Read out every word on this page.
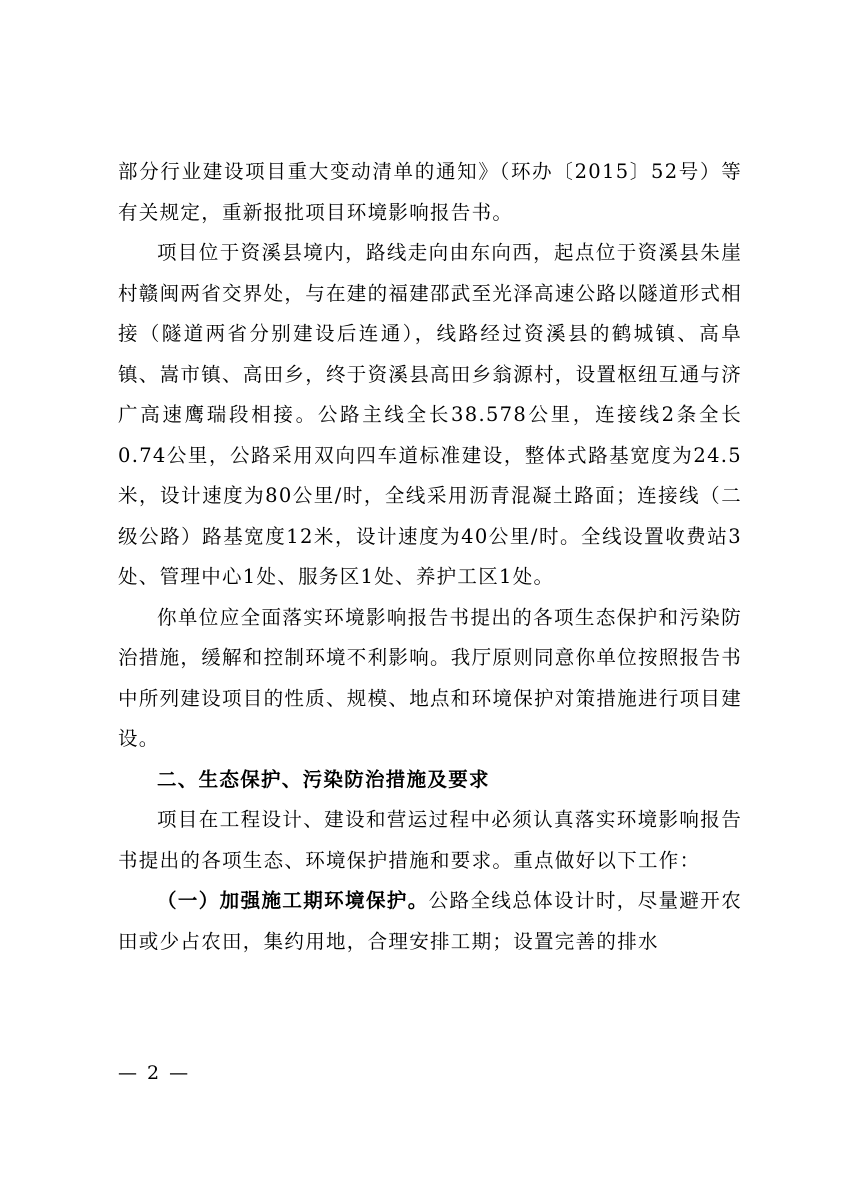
部分行业建设项目重大变动清单的通知》（环办〔2015〕52号）等有关规定，重新报批项目环境影响报告书。

项目位于资溪县境内，路线走向由东向西，起点位于资溪县朱崖村赣闽两省交界处，与在建的福建邵武至光泽高速公路以隧道形式相接（隧道两省分别建设后连通），线路经过资溪县的鹤城镇、高阜镇、嵩市镇、高田乡，终于资溪县高田乡翁源村，设置枢纽互通与济广高速鹰瑞段相接。公路主线全长38.578公里，连接线2条全长0.74公里，公路采用双向四车道标准建设，整体式路基宽度为24.5米，设计速度为80公里/时，全线采用沥青混凝土路面；连接线（二级公路）路基宽度12米，设计速度为40公里/时。全线设置收费站3处、管理中心1处、服务区1处、养护工区1处。

你单位应全面落实环境影响报告书提出的各项生态保护和污染防治措施，缓解和控制环境不利影响。我厅原则同意你单位按照报告书中所列建设项目的性质、规模、地点和环境保护对策措施进行项目建设。

二、生态保护、污染防治措施及要求

项目在工程设计、建设和营运过程中必须认真落实环境影响报告书提出的各项生态、环境保护措施和要求。重点做好以下工作：

（一）加强施工期环境保护。公路全线总体设计时，尽量避开农田或少占农田，集约用地，合理安排工期；设置完善的排水

— 2 —
